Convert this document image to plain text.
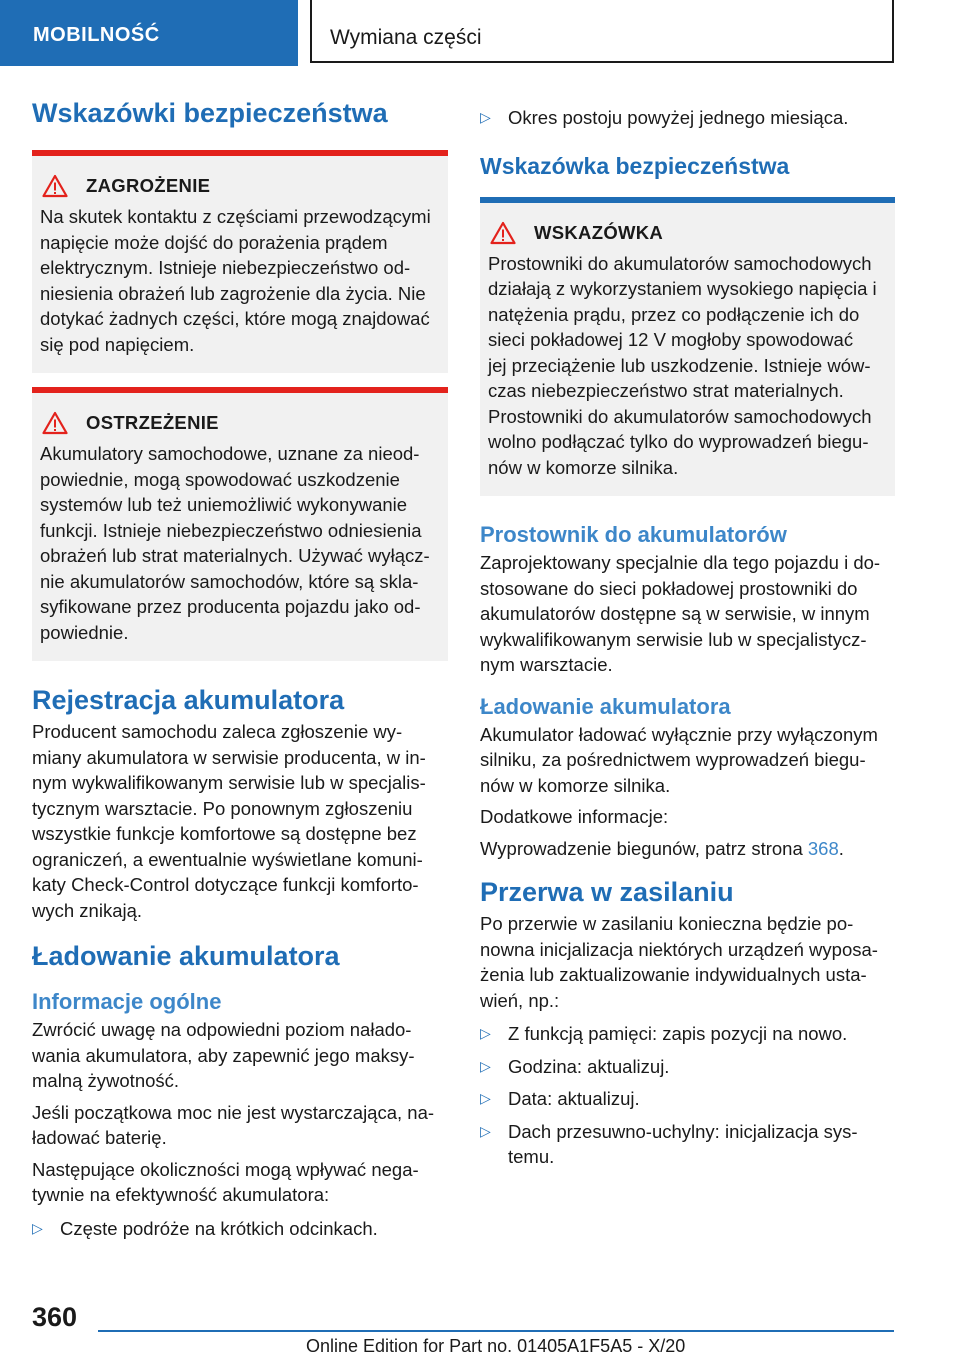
MOBILNOŚĆ	Wymiana części
Wskazówki bezpieczeństwa
ZAGROŻENIE

Na skutek kontaktu z częściami przewodzącymi
napięcie może dojść do porażenia prądem
elektrycznym. Istnieje niebezpieczeństwo od-
niesienia obrażeń lub zagrożenie dla życia. Nie
dotykać żadnych części, które mogą znajdować
się pod napięciem.

OSTRZEŻENIE

Akumulatory samochodowe, uznane za nieod-
powiednie, mogą spowodować uszkodzenie
systemów lub też uniemożliwić wykonywanie
funkcji. Istnieje niebezpieczeństwo odniesienia
obrażeń lub strat materialnych. Używać wyłącz-
nie akumulatorów samochodów, które są skla-
syfikowane przez producenta pojazdu jako od-
powiednie.

Rejestracja akumulatora

Producent samochodu zaleca zgłoszenie wy-
miany akumulatora w serwisie producenta, w in-
nym wykwalifikowanym serwisie lub w specjalis-
tycznym warsztacie. Po ponownym zgłoszeniu
wszystkie funkcje komfortowe są dostępne bez
ograniczeń, a ewentualnie wyświetlane komuni-
katy Check-Control dotyczące funkcji komforto-
wych znikają.

Ładowanie akumulatora
Informacje ogólne

Zwrócić uwagę na odpowiedni poziom nałado-
wania akumulatora, aby zapewnić jego maksy-
malną żywotność.

Jeśli początkowa moc nie jest wystarczająca, na-
ładować baterię.

Następujące okoliczności mogą wpływać nega-
tywnie na efektywność akumulatora:

▷ Częste podróże na krótkich odcinkach.
▷ Okres postoju powyżej jednego miesiąca.
Wskazówka bezpieczeństwa
WSKAZÓWKA

Prostowniki do akumulatorów samochodowych
działają z wykorzystaniem wysokiego napięcia i
natężenia prądu, przez co podłączenie ich do
sieci pokładowej 12 V mogłoby spowodować
jej przeciążenie lub uszkodzenie. Istnieje wów-
czas niebezpieczeństwo strat materialnych.
Prostowniki do akumulatorów samochodowych
wolno podłączać tylko do wyprowadzeń biegu-
nów w komorze silnika.

Prostownik do akumulatorów

Zaprojektowany specjalnie dla tego pojazdu i do-
stosowane do sieci pokładowej prostowniki do
akumulatorów dostępne są w serwisie, w innym
wykwalifikowanym serwisie lub w specjalistycz-
nym warsztacie.

Ładowanie akumulatora

Akumulator ładować wyłącznie przy wyłączonym
silniku, za pośrednictwem wyprowadzeń biegu-
nów w komorze silnika.

Dodatkowe informacje:

Wyprowadzenie biegunów, patrz strona 368.

Przerwa w zasilaniu

Po przerwie w zasilaniu konieczna będzie po-
nowna inicjalizacja niektórych urządzeń wyposa-
żenia lub zaktualizowanie indywidualnych usta-
wień, np.:

▷ Z funkcją pamięci: zapis pozycji na nowo.
▷ Godzina: aktualizuj.
▷ Data: aktualizuj.
▷ Dach przesuwno-uchylny: inicjalizacja sys-
temu.
360
Online Edition for Part no. 01405A1F5A5 - X/20
